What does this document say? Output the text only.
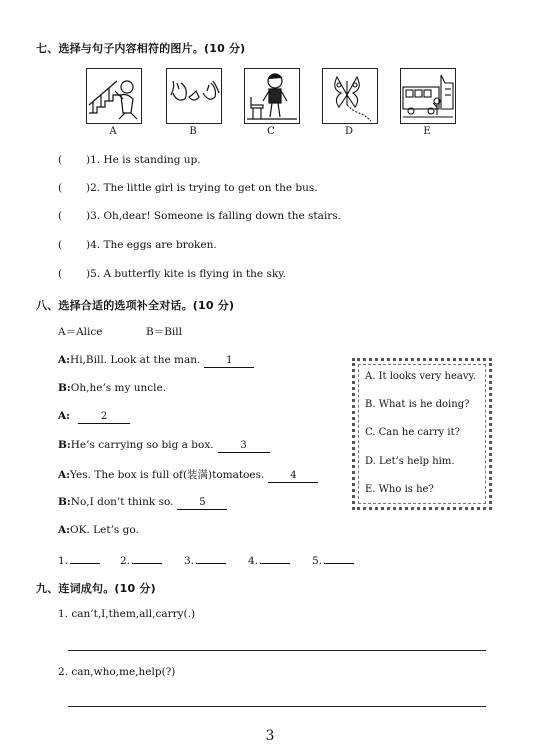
七、选择与句子内容相符的图片。(10 分)
A	B	C	D	E
( )1. He is standing up.
( )2. The little girl is trying to get on the bus.
( )3. Oh,dear! Someone is falling down the stairs.
( )4. The eggs are broken.
( )5. A butterfly kite is flying in the sky.
八、选择合适的选项补全对话。(10 分)
A＝Alice	B＝Bill
A:Hi,Bill. Look at the man.	1
B:Oh,he’s my uncle.
A:	2
B:He’s carrying so big a box.	3
A:Yes. The box is full of(装满)tomatoes.	4
B:No,I don’t think so.	5
A:OK. Let’s go.
A. It looks very heavy.
B. What is he doing?
C. Can he carry it?
D. Let’s help him.
E. Who is he?
1.	2.	3.	4.	5.
九、连词成句。(10 分)
1. can’t,I,them,all,carry(.)
2. can,who,me,help(?)
3
